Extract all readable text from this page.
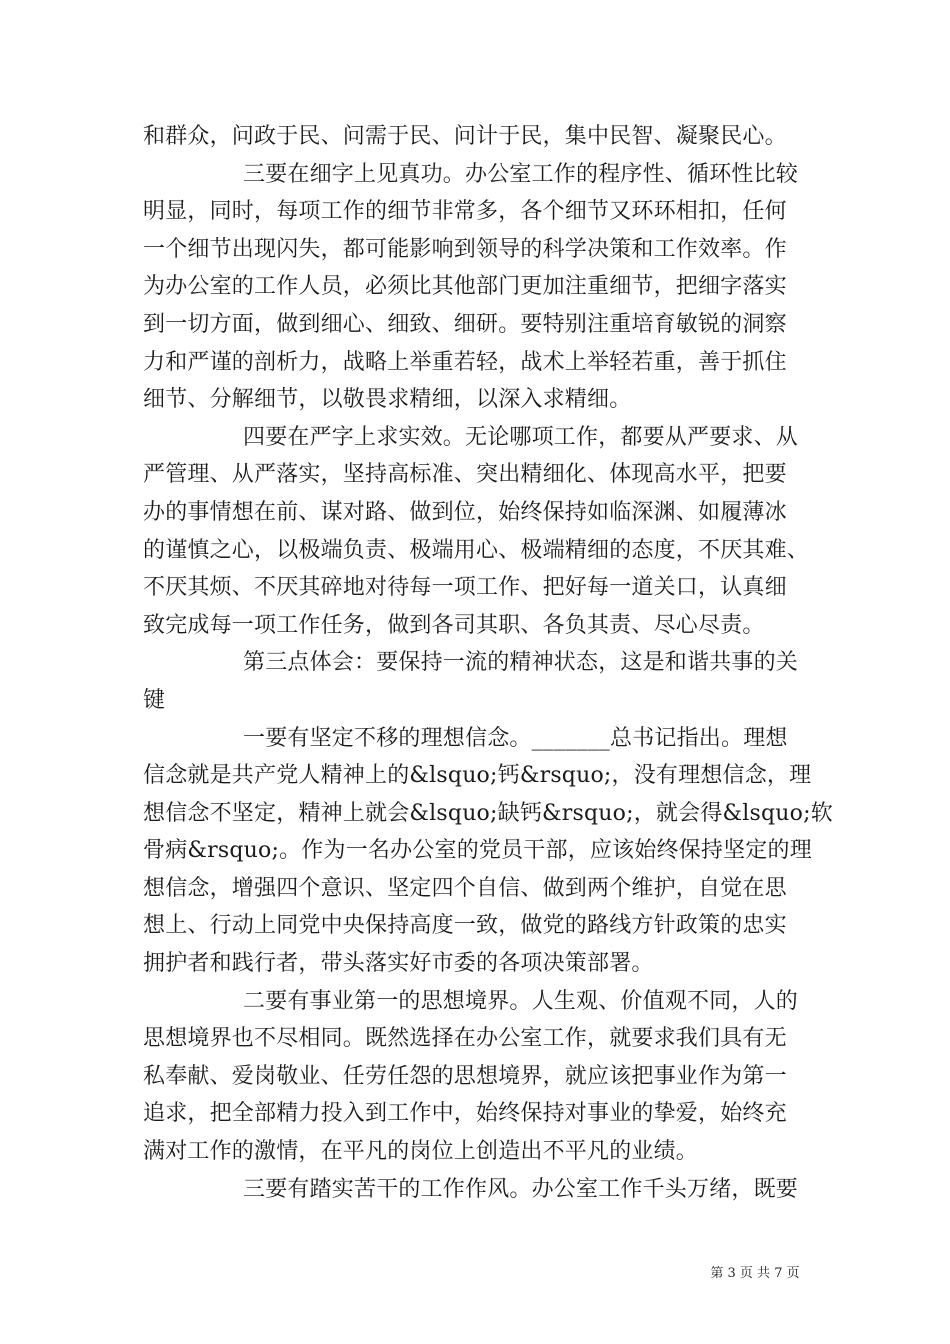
和群众，问政于民、问需于民、问计于民，集中民智、凝聚民心。
三要在细字上见真功。办公室工作的程序性、循环性比较
明显，同时，每项工作的细节非常多，各个细节又环环相扣，任何
一个细节出现闪失，都可能影响到领导的科学决策和工作效率。作
为办公室的工作人员，必须比其他部门更加注重细节，把细字落实
到一切方面，做到细心、细致、细研。要特别注重培育敏锐的洞察
力和严谨的剖析力，战略上举重若轻，战术上举轻若重，善于抓住
细节、分解细节，以敬畏求精细，以深入求精细。
四要在严字上求实效。无论哪项工作，都要从严要求、从
严管理、从严落实，坚持高标准、突出精细化、体现高水平，把要
办的事情想在前、谋对路、做到位，始终保持如临深渊、如履薄冰
的谨慎之心，以极端负责、极端用心、极端精细的态度，不厌其难、
不厌其烦、不厌其碎地对待每一项工作、把好每一道关口，认真细
致完成每一项工作任务，做到各司其职、各负其责、尽心尽责。
第三点体会：要保持一流的精神状态，这是和谐共事的关
键
一要有坚定不移的理想信念。_______总书记指出。理想
信念就是共产党人精神上的&lsquo;钙&rsquo;，没有理想信念，理
想信念不坚定，精神上就会&lsquo;缺钙&rsquo;，就会得&lsquo;软
骨病&rsquo;。作为一名办公室的党员干部，应该始终保持坚定的理
想信念，增强四个意识、坚定四个自信、做到两个维护，自觉在思
想上、行动上同党中央保持高度一致，做党的路线方针政策的忠实
拥护者和践行者，带头落实好市委的各项决策部署。
二要有事业第一的思想境界。人生观、价值观不同，人的
思想境界也不尽相同。既然选择在办公室工作，就要求我们具有无
私奉献、爱岗敬业、任劳任怨的思想境界，就应该把事业作为第一
追求，把全部精力投入到工作中，始终保持对事业的挚爱，始终充
满对工作的激情，在平凡的岗位上创造出不平凡的业绩。
三要有踏实苦干的工作作风。办公室工作千头万绪，既要
第 3 页 共 7 页
